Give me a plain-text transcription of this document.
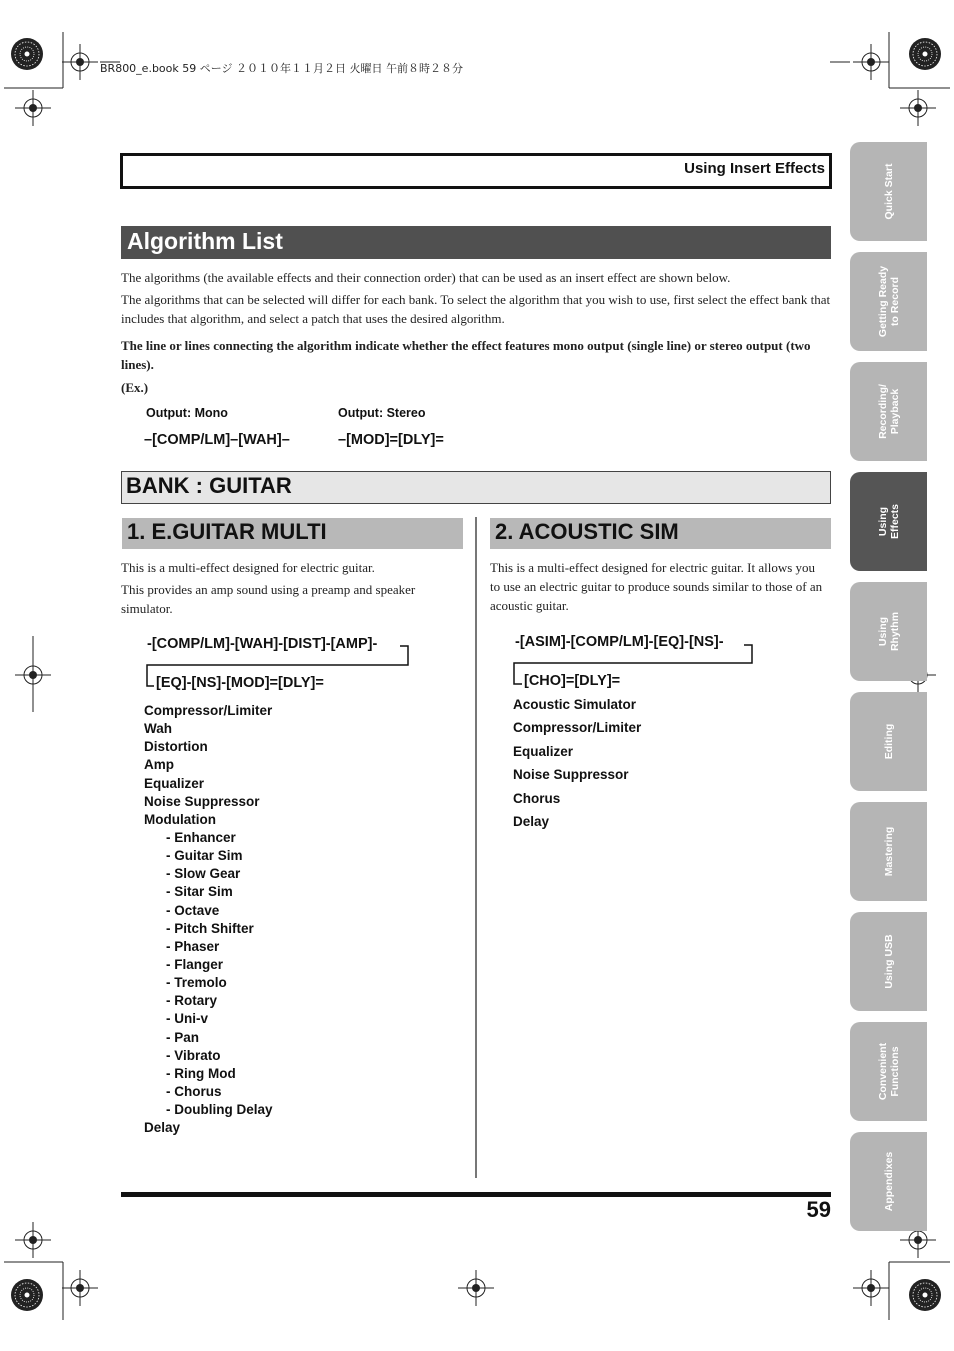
BR800_e.book 59 ページ ２０１０年１１月２日 火曜日 午前８時２８分
Using Insert Effects
Algorithm List
The algorithms (the available effects and their connection order) that can be used as an insert effect are shown below.
The algorithms that can be selected will differ for each bank. To select the algorithm that you wish to use, first select the effect bank that includes that algorithm, and select a patch that uses the desired algorithm.
The line or lines connecting the algorithm indicate whether the effect features mono output (single line) or stereo output (two lines).
(Ex.)
Output: Mono
–[COMP/LM]–[WAH]–
Output: Stereo
–[MOD]=[DLY]=
BANK : GUITAR
1. E.GUITAR MULTI
This is a multi-effect designed for electric guitar.
This provides an amp sound using a preamp and speaker simulator.
-[COMP/LM]-[WAH]-[DIST]-[AMP]-
[EQ]-[NS]-[MOD]=[DLY]=
Compressor/Limiter
Wah
Distortion
Amp
Equalizer
Noise Suppressor
Modulation
- Enhancer
- Guitar Sim
- Slow Gear
- Sitar Sim
- Octave
- Pitch Shifter
- Phaser
- Flanger
- Tremolo
- Rotary
- Uni-v
- Pan
- Vibrato
- Ring Mod
- Chorus
- Doubling Delay
Delay
2. ACOUSTIC SIM
This is a multi-effect designed for electric guitar. It allows you to use an electric guitar to produce sounds similar to those of an acoustic guitar.
-[ASIM]-[COMP/LM]-[EQ]-[NS]-
[CHO]=[DLY]=
Acoustic Simulator
Compressor/Limiter
Equalizer
Noise Suppressor
Chorus
Delay
59
Quick Start
Getting Ready
to Record
Recording/
Playback
Using
Effects
Using
Rhythm
Editing
Mastering
Using USB
Convenient
Functions
Appendixes
